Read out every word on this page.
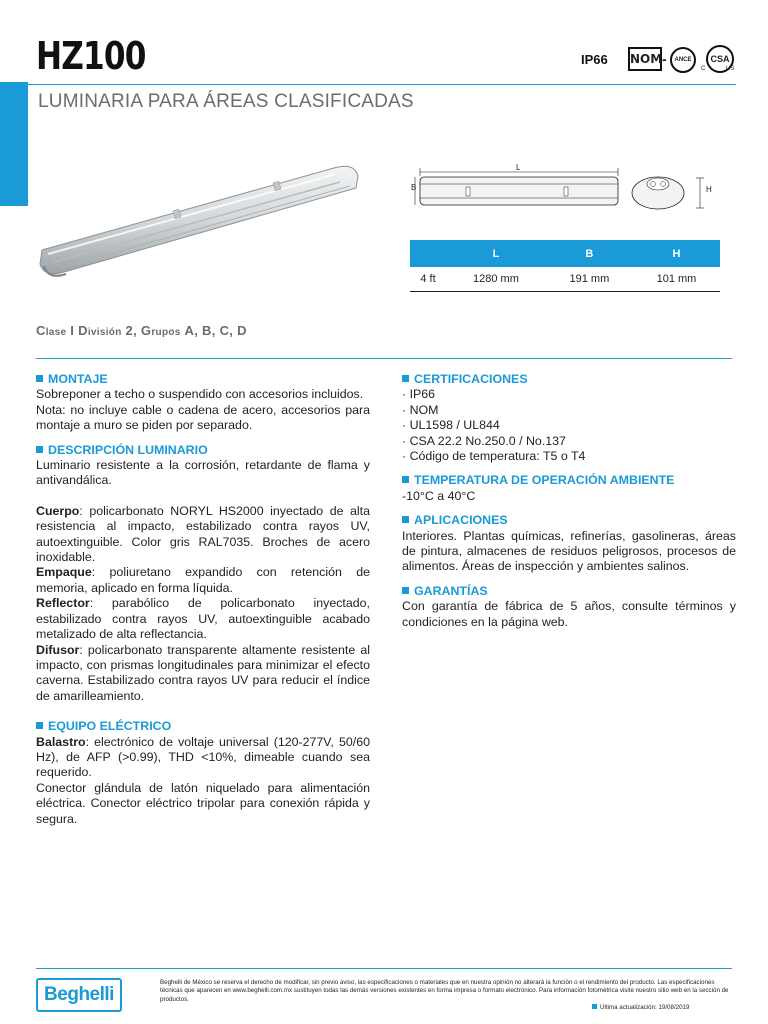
HZ100
LUMINARIA PARA ÁREAS CLASIFICADAS
IP66 NOM -	ANCE	CSA
C	US
L
B	H
	L	B	H
4 ft	1280 mm	191 mm	101 mm
Clase I División 2, Grupos A, B, C, D
MONTAJE

Sobreponer a techo o suspendido con accesorios incluidos.

Nota: no incluye cable o cadena de acero, accesorios para montaje a muro se piden por separado.

DESCRIPCIÓN LUMINARIO

Luminario resistente a la corrosión, retardante de flama y antivandálica.

Cuerpo: policarbonato NORYL HS2000 inyectado de alta resistencia al impacto, estabilizado contra rayos UV, autoextinguible. Color gris RAL7035. Broches de acero inoxidable.

Empaque: poliuretano expandido con retención de memoria, aplicado en forma líquida.

Reflector: parabólico de policarbonato inyectado, estabilizado contra rayos UV, autoextinguible acabado metalizado de alta reflectancia.

Difusor: policarbonato transparente altamente resistente al impacto, con prismas longitudinales para minimizar el efecto caverna. Estabilizado contra rayos UV para reducir el índice de amarilleamiento.

EQUIPO ELÉCTRICO

Balastro: electrónico de voltaje universal (120-277V, 50/60 Hz), de AFP (>0.99), THD <10%, dimeable cuando sea requerido.

Conector glándula de latón niquelado para alimentación eléctrica. Conector eléctrico tripolar para conexión rápida y segura.

CERTIFICACIONES
· IP66
· NOM
· UL1598 / UL844
· CSA 22.2 No.250.0 / No.137
· Código de temperatura: T5 o T4
TEMPERATURA DE OPERACIÓN AMBIENTE

-10°C a 40°C

APLICACIONES

Interiores. Plantas químicas, refinerías, gasolineras, áreas de pintura, almacenes de residuos peligrosos, procesos de alimentos. Áreas de inspección y ambientes salinos.

GARANTÍAS

Con garantía de fábrica de 5 años, consulte términos y condiciones en la página web.

Beghelli
Beghelli de México se reserva el derecho de modificar, sin previo aviso, las especificaciones o materiales que en nuestra opinión no alterará la función o el rendimiento del producto. Las especificaciones técnicas que aparecen en www.beghelli.com.mx sustituyen todas las demás versiones existentes en forma impresa o formato electrónico. Para información fotométrica visite nuestro sitio web en la sección de productos.
Última actualización: 19/08/2019
